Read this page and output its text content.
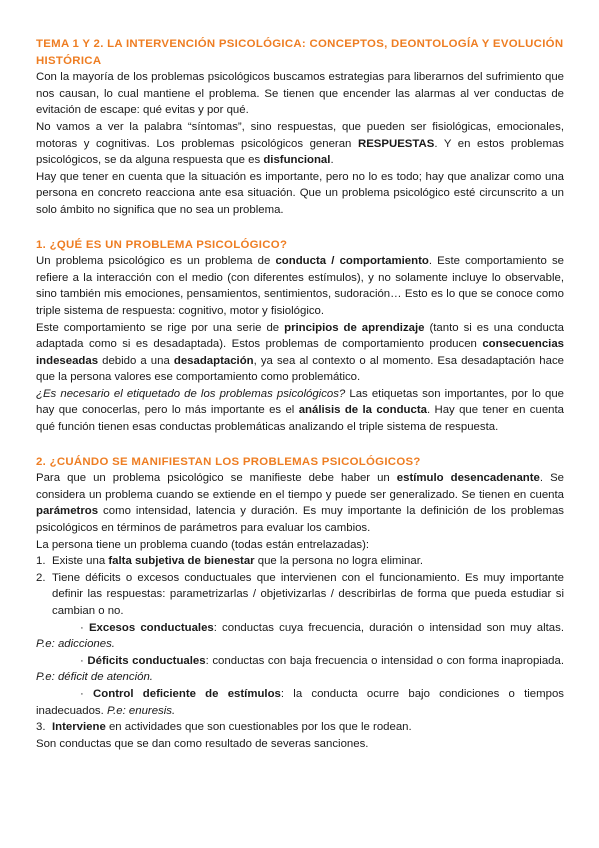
TEMA 1 Y 2. LA INTERVENCIÓN PSICOLÓGICA: CONCEPTOS, DEONTOLOGÍA Y EVOLUCIÓN HISTÓRICA

Con la mayoría de los problemas psicológicos buscamos estrategias para liberarnos del sufrimiento que nos causan, lo cual mantiene el problema. Se tienen que encender las alarmas al ver conductas de evitación de escape: qué evitas y por qué.

No vamos a ver la palabra “síntomas”, sino respuestas, que pueden ser fisiológicas, emocionales, motoras y cognitivas. Los problemas psicológicos generan RESPUESTAS. Y en estos problemas psicológicos, se da alguna respuesta que es disfuncional.

Hay que tener en cuenta que la situación es importante, pero no lo es todo; hay que analizar como una persona en concreto reacciona ante esa situación. Que un problema psicológico esté circunscrito a un solo ámbito no significa que no sea un problema.

1. ¿QUÉ ES UN PROBLEMA PSICOLÓGICO?

Un problema psicológico es un problema de conducta / comportamiento. Este comportamiento se refiere a la interacción con el medio (con diferentes estímulos), y no solamente incluye lo observable, sino también mis emociones, pensamientos, sentimientos, sudoración… Esto es lo que se conoce como triple sistema de respuesta: cognitivo, motor y fisiológico.

Este comportamiento se rige por una serie de principios de aprendizaje (tanto si es una conducta adaptada como si es desadaptada). Estos problemas de comportamiento producen consecuencias indeseadas debido a una desadaptación, ya sea al contexto o al momento. Esa desadaptación hace que la persona valores ese comportamiento como problemático.

¿Es necesario el etiquetado de los problemas psicológicos? Las etiquetas son importantes, por lo que hay que conocerlas, pero lo más importante es el análisis de la conducta. Hay que tener en cuenta qué función tienen esas conductas problemáticas analizando el triple sistema de respuesta.

2. ¿CUÁNDO SE MANIFIESTAN LOS PROBLEMAS PSICOLÓGICOS?

Para que un problema psicológico se manifieste debe haber un estímulo desencadenante. Se considera un problema cuando se extiende en el tiempo y puede ser generalizado. Se tienen en cuenta parámetros como intensidad, latencia y duración. Es muy importante la definición de los problemas psicológicos en términos de parámetros para evaluar los cambios.

La persona tiene un problema cuando (todas están entrelazadas):

1. Existe una falta subjetiva de bienestar que la persona no logra eliminar.
2. Tiene déficits o excesos conductuales que intervienen con el funcionamiento. Es muy importante definir las respuestas: parametrizarlas / objetivizarlas / describirlas de forma que pueda estudiar si cambian o no.

· Excesos conductuales: conductas cuya frecuencia, duración o intensidad son muy altas. P.e: adicciones.

· Déficits conductuales: conductas con baja frecuencia o intensidad o con forma inapropiada. P.e: déficit de atención.

· Control deficiente de estímulos: la conducta ocurre bajo condiciones o tiempos inadecuados. P.e: enuresis.

3. Interviene en actividades que son cuestionables por los que le rodean.

Son conductas que se dan como resultado de severas sanciones.
